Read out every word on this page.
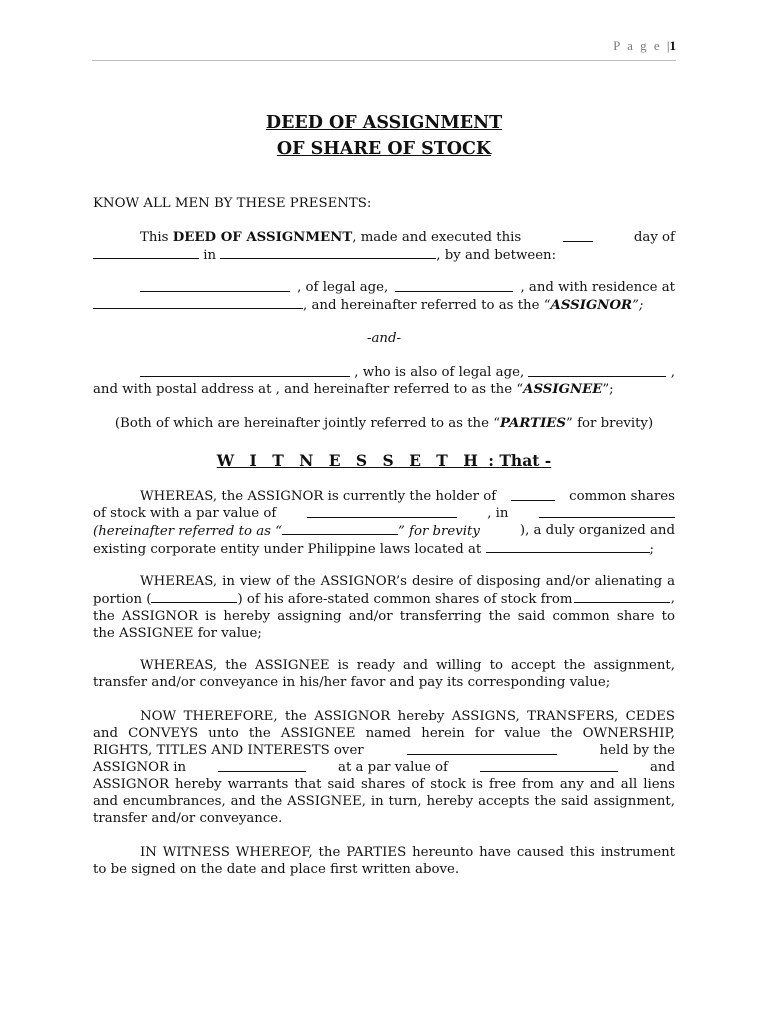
P a g e |1
DEED OF ASSIGNMENT
OF SHARE OF STOCK
KNOW ALL MEN BY THESE PRESENTS:
This DEED OF ASSIGNMENT, made and executed this	day of
in	, by and between:
, of legal age,	, and with residence at
, and hereinafter referred to as the “ASSIGNOR”;
-and-
, who is also of legal age,	,
and with postal address at , and hereinafter referred to as the “ASSIGNEE”;
(Both of which are hereinafter jointly referred to as the “PARTIES” for brevity)
W I T N E S S E T H : That -
WHEREAS, the ASSIGNOR is currently the holder of	common shares
of stock with a par value of	, in
(hereinafter referred to as “	” for brevity	), a duly organized and
existing corporate entity under Philippine laws located at	;
WHEREAS, in view of the ASSIGNOR’s desire of disposing and/or alienating a
portion (	) of his afore-stated common shares of stock from	,
the ASSIGNOR is hereby assigning and/or transferring the said common share to
the ASSIGNEE for value;
WHEREAS, the ASSIGNEE is ready and willing to accept the assignment,
transfer and/or conveyance in his/her favor and pay its corresponding value;
NOW THEREFORE, the ASSIGNOR hereby ASSIGNS, TRANSFERS, CEDES
and CONVEYS unto the ASSIGNEE named herein for value the OWNERSHIP,
RIGHTS, TITLES AND INTERESTS over	held by the
ASSIGNOR in	at a par value of	and
ASSIGNOR hereby warrants that said shares of stock is free from any and all liens
and encumbrances, and the ASSIGNEE, in turn, hereby accepts the said assignment,
transfer and/or conveyance.
IN WITNESS WHEREOF, the PARTIES hereunto have caused this instrument
to be signed on the date and place first written above.
